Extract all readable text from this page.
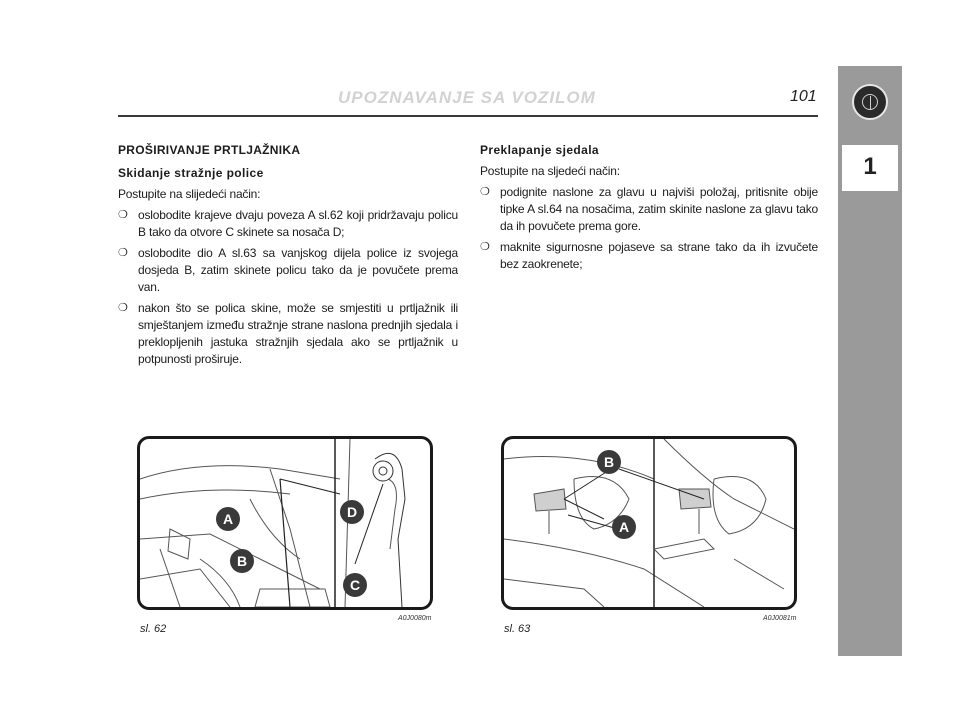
UPOZNAVANJE SA VOZILOM	101
1
PROŠIRIVANJE PRTLJAŽNIKA
Skidanje stražnje police
Postupite na slijedeći način:
❍ oslobodite krajeve dvaju poveza A sl.62 koji pridržavaju policu B tako da otvore C skinete sa nosača D;
❍ oslobodite dio A sl.63 sa vanjskog dijela police iz svojega dosjeda B, zatim skinete policu tako da je povučete prema van.
❍ nakon što se polica skine, može se smjestiti u prtljažnik ili smještanjem između stražnje strane naslona prednjih sjedala i preklopljenih jastuka stražnjih sjedala ako se prtljažnik u potpunosti proširuje.
Preklapanje sjedala
Postupite na sljedeći način:
❍ podignite naslone za glavu u najviši položaj, pritisnite obije tipke A sl.64 na nosačima, zatim skinite naslone za glavu tako da ih povučete prema gore.
❍ maknite sigurnosne pojaseve sa strane tako da ih izvučete bez zaokrenete;
A
B
C
D
sl. 62
A0J0080m
B
A
sl. 63
A0J0081m
